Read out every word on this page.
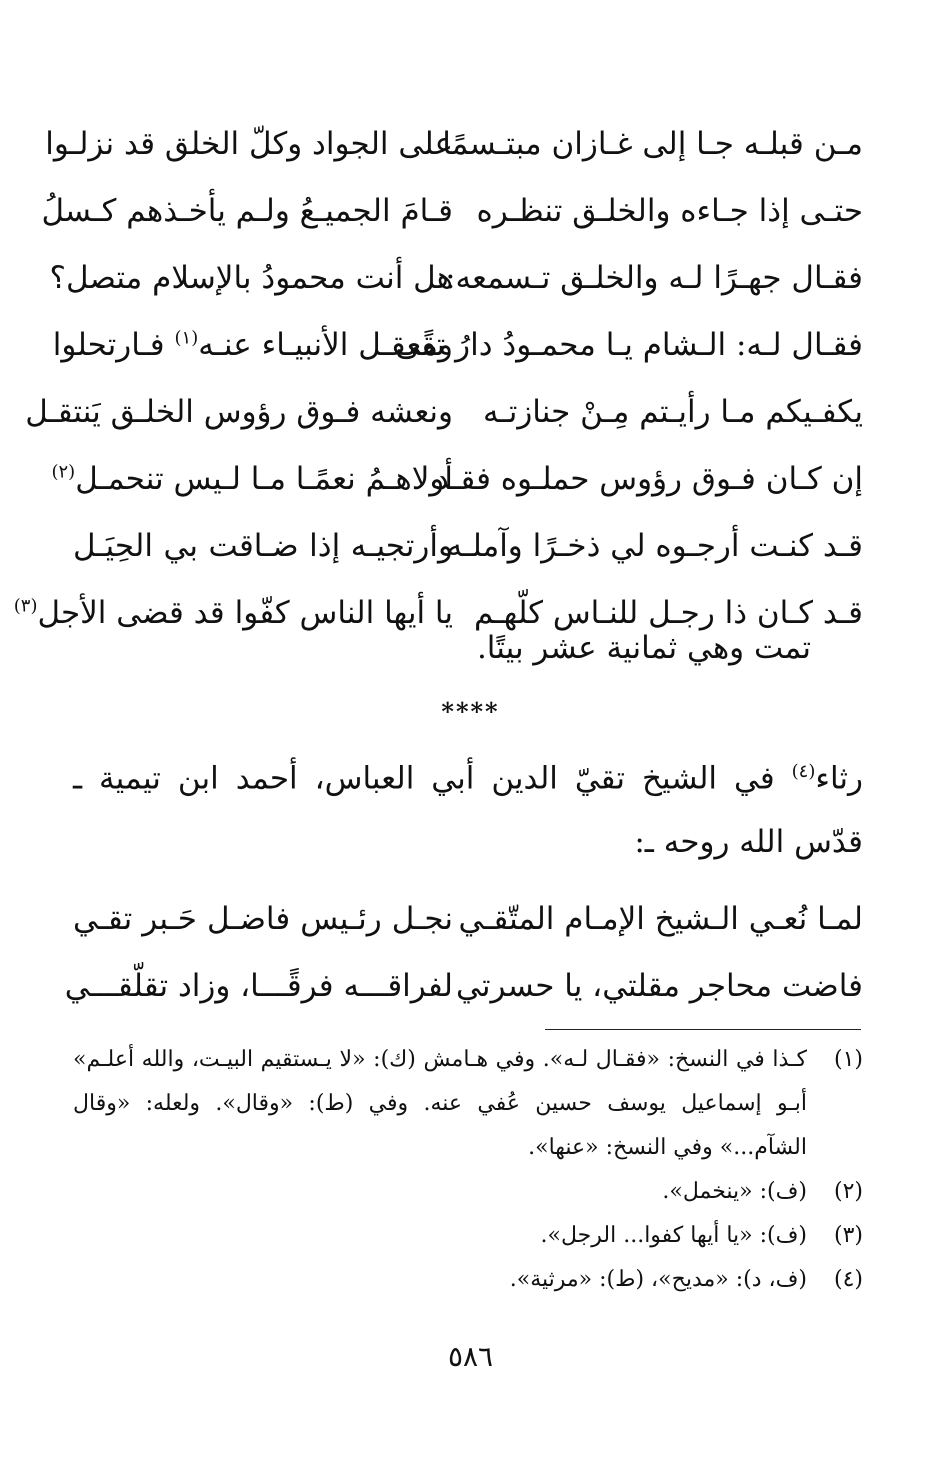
مـن قبلـه جـا إلى غـازان مبتـسمًا
على الجواد وكلّ الخلق قد نزلـوا
حتـى إذا جـاءه والخلـق تنظـره
قـامَ الجميـعُ ولـم يأخـذهم كـسلُ
فقـال جهـرًا لـه والخلـق تـسمعه:
هل أنت محمودُ بالإسلام متصل؟
فقـال لـه: الـشام يـا محمـودُ دارُ تقًى
ومعقـل الأنبيـاء عنـه$^{(١)}$ فـارتحلوا
يكفـيكم مـا رأيـتم مِـنْ جنازتـه
ونعشه فـوق رؤوس الخلـق يَنتقـل
إن كـان فـوق رؤوس حملـوه فقـد
أولاهـمُ نعمًـا مـا لـيس تنحمـل$^{(٢)}$
قـد كنـت أرجـوه لي ذخـرًا وآملـه
وأرتجيـه إذا ضـاقت بي الحِيَـل
قـد كـان ذا رجـل للنـاس كلّهـم
يا أيها الناس كفّوا قد قضى الأجل$^{(٣)}$
تمت وهي ثمانية عشر بيتًا.
****
رثاء$^{(٤)}$ في الشيخ تقيّ الدين أبي العباس، أحمد ابن تيمية ـ قدّس الله روحه ـ:
لمـا نُعـي الـشيخ الإمـام المتّقـي
نجـل رئـيس فاضـل حَـبر تقـي
فاضت محاجر مقلتي، يا حسرتي
لفراقـــه فرقًـــا، وزاد تقلّقـــي
(١)
كـذا في النسخ: «فقـال لـه». وفي هـامش (ك): «لا يـستقيم البيـت، والله أعلـم» أبـو إسماعيل يوسف حسين عُفي عنه. وفي (ط): «وقال». ولعله: «وقال الشآم...» وفي النسخ: «عنها».
(٢)
(ف): «ينخمل».
(٣)
(ف): «يا أيها كفوا... الرجل».
(٤)
(ف، د): «مديح»، (ط): «مرثية».
٥٨٦
